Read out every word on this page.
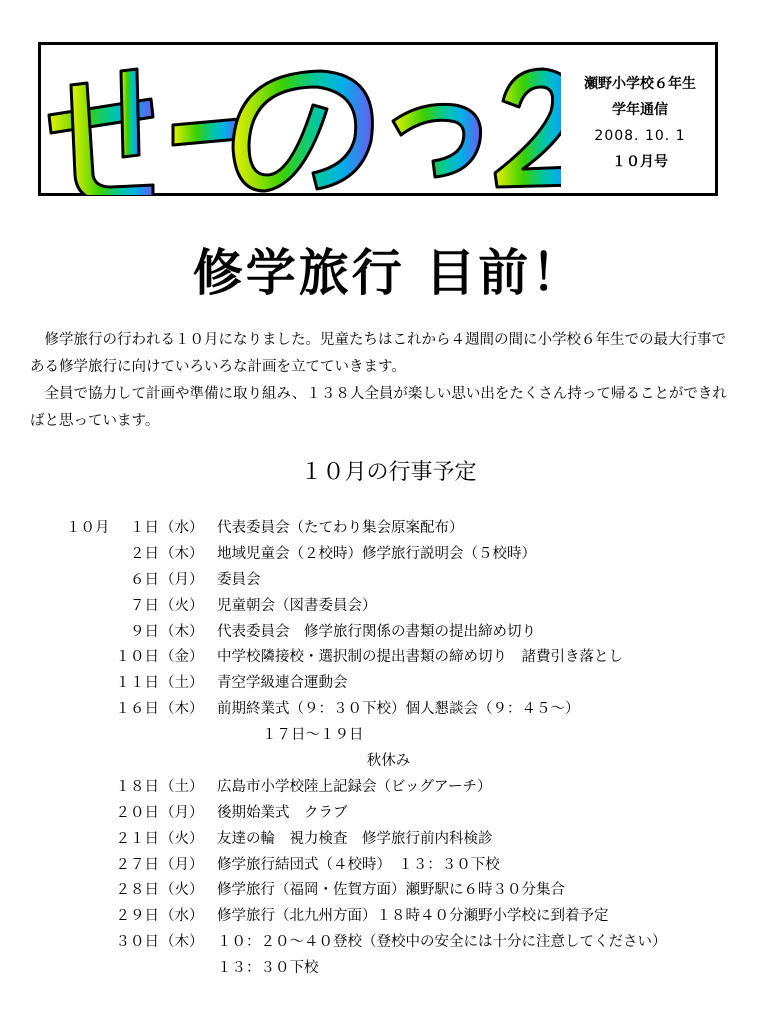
瀬野小学校６年生
学年通信
2008. 10. 1
１０月号
修学旅行 目前！

修学旅行の行われる１０月になりました。児童たちはこれから４週間の間に小学校６年生での最大行事である修学旅行に向けていろいろな計画を立てていきます。

全員で協力して計画や準備に取り組み、１３８人全員が楽しい思い出をたくさん持って帰ることができればと思っています。

１０月の行事予定
１０月	１日 （水） 代表委員会（たてわり集会原案配布）
２日 （木） 地域児童会（２校時）修学旅行説明会（５校時）
６日 （月） 委員会
７日 （火） 児童朝会（図書委員会）
９日 （木） 代表委員会　修学旅行関係の書類の提出締め切り
１０日 （金） 中学校隣接校・選択制の提出書類の締め切り　諸費引き落とし
１１日 （土） 青空学級連合運動会
１６日 （木） 前期終業式（９：３０下校）個人懇談会（９：４５～）
１７日～１９日
秋休み
１８日 （土） 広島市小学校陸上記録会（ビッグアーチ）
２０日 （月） 後期始業式　クラブ
２１日 （火） 友達の輪　視力検査　修学旅行前内科検診
２７日 （月） 修学旅行結団式（４校時）　１３：３０下校
２８日 （火） 修学旅行（福岡・佐賀方面）瀬野駅に６時３０分集合
２９日 （水） 修学旅行（北九州方面）１８時４０分瀬野小学校に到着予定
３０日 （木） １０：２０～４０登校（登校中の安全には十分に注意してください）
１３：３０下校
